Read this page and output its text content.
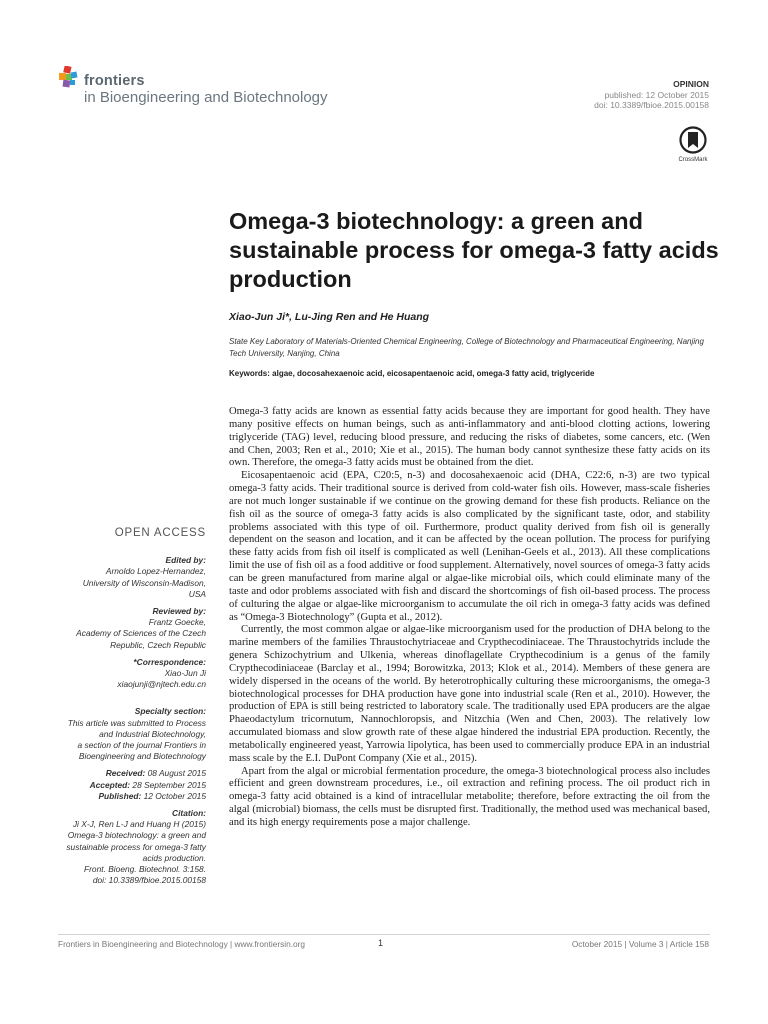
frontiers
in Bioengineering and Biotechnology
OPINION
published: 12 October 2015
doi: 10.3389/fbioe.2015.00158
CrossMark
Omega-3 biotechnology: a green and sustainable process for omega-3 fatty acids production
Xiao-Jun Ji*, Lu-Jing Ren and He Huang
State Key Laboratory of Materials-Oriented Chemical Engineering, College of Biotechnology and Pharmaceutical Engineering, Nanjing Tech University, Nanjing, China
Keywords: algae, docosahexaenoic acid, eicosapentaenoic acid, omega-3 fatty acid, triglyceride

Omega-3 fatty acids are known as essential fatty acids because they are important for good health. They have many positive effects on human beings, such as anti-inflammatory and anti-blood clotting actions, lowering triglyceride (TAG) level, reducing blood pressure, and reducing the risks of diabetes, some cancers, etc. (Wen and Chen, 2003; Ren et al., 2010; Xie et al., 2015). The human body cannot synthesize these fatty acids on its own. Therefore, the omega-3 fatty acids must be obtained from the diet.

Eicosapentaenoic acid (EPA, C20:5, n-3) and docosahexaenoic acid (DHA, C22:6, n-3) are two typical omega-3 fatty acids. Their traditional source is derived from cold-water fish oils. However, mass-scale fisheries are not much longer sustainable if we continue on the growing demand for these fish products. Reliance on the fish oil as the source of omega-3 fatty acids is also complicated by the significant taste, odor, and stability problems associated with this type of oil. Furthermore, product quality derived from fish oil is generally dependent on the season and location, and it can be affected by the ocean pollution. The process for purifying these fatty acids from fish oil itself is complicated as well (Lenihan-Geels et al., 2013). All these complications limit the use of fish oil as a food additive or food supplement. Alternatively, novel sources of omega-3 fatty acids can be green manufactured from marine algal or algae-like microbial oils, which could eliminate many of the taste and odor problems associated with fish and discard the shortcomings of fish oil-based process. The process of culturing the algae or algae-like microorganism to accumulate the oil rich in omega-3 fatty acids was defined as “Omega-3 Biotechnology” (Gupta et al., 2012).

Currently, the most common algae or algae-like microorganism used for the production of DHA belong to the marine members of the families Thraustochytriaceae and Crypthecodiniaceae. The Thraustochytrids include the genera Schizochytrium and Ulkenia, whereas dinoflagellate Crypthecodinium is a genus of the family Crypthecodiniaceae (Barclay et al., 1994; Borowitzka, 2013; Klok et al., 2014). Members of these genera are widely dispersed in the oceans of the world. By heterotrophically culturing these microorganisms, the omega-3 biotechnological processes for DHA production have gone into industrial scale (Ren et al., 2010). However, the production of EPA is still being restricted to laboratory scale. The traditionally used EPA producers are the algae Phaeodactylum tricornutum, Nannochloropsis, and Nitzchia (Wen and Chen, 2003). The relatively low accumulated biomass and slow growth rate of these algae hindered the industrial EPA production. Recently, the metabolically engineered yeast, Yarrowia lipolytica, has been used to commercially produce EPA in an industrial mass scale by the E.I. DuPont Company (Xie et al., 2015).

Apart from the algal or microbial fermentation procedure, the omega-3 biotechnological process also includes efficient and green downstream procedures, i.e., oil extraction and refining process. The oil product rich in omega-3 fatty acid obtained is a kind of intracellular metabolite; therefore, before extracting the oil from the algal (microbial) biomass, the cells must be disrupted first. Traditionally, the method used was mechanical based, and its high energy requirements pose a major challenge.

OPEN ACCESS
Edited by:
Arnoldo Lopez-Hernandez,
University of Wisconsin-Madison,
USA
Reviewed by:
Frantz Goecke,
Academy of Sciences of the Czech
Republic, Czech Republic
*Correspondence:
Xiao-Jun Ji
xiaojunji@njtech.edu.cn
Specialty section:
This article was submitted to Process
and Industrial Biotechnology,
a section of the journal Frontiers in
Bioengineering and Biotechnology
Received: 08 August 2015
Accepted: 28 September 2015
Published: 12 October 2015
Citation:
Ji X-J, Ren L-J and Huang H (2015)
Omega-3 biotechnology: a green and
sustainable process for omega-3 fatty
acids production.
Front. Bioeng. Biotechnol. 3:158.
doi: 10.3389/fbioe.2015.00158
Frontiers in Bioengineering and Biotechnology | www.frontiersin.org	1	October 2015 | Volume 3 | Article 158
